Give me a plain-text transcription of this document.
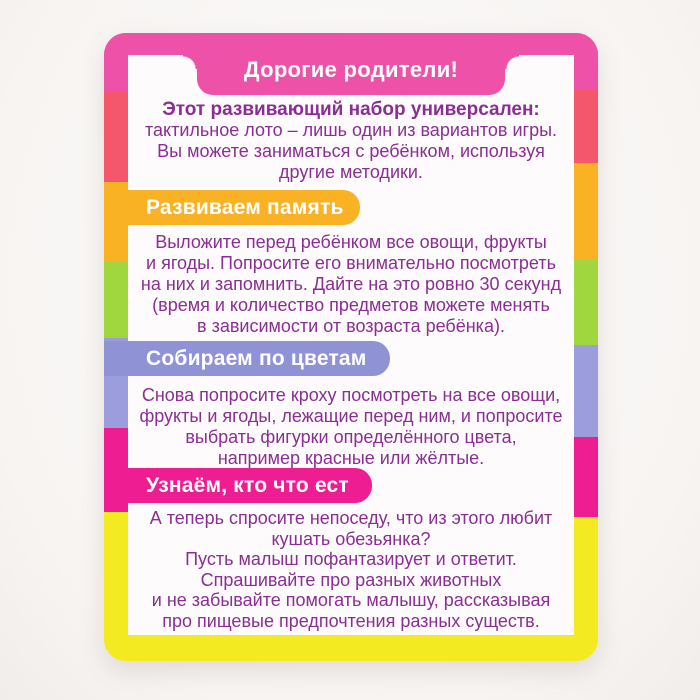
Дорогие родители!
Этот развивающий набор универсален:
тактильное лото – лишь один из вариантов игры.
Вы можете заниматься с ребёнком, используя
другие методики.
Развиваем память
Выложите перед ребёнком все овощи, фрукты
и ягоды. Попросите его внимательно посмотреть
на них и запомнить. Дайте на это ровно 30 секунд
(время и количество предметов можете менять
в зависимости от возраста ребёнка).
Собираем по цветам
Снова попросите кроху посмотреть на все овощи,
фрукты и ягоды, лежащие перед ним, и попросите
выбрать фигурки определённого цвета,
например красные или жёлтые.
Узнаём, кто что ест
А теперь спросите непоседу, что из этого любит
кушать обезьянка?
Пусть малыш пофантазирует и ответит.
Спрашивайте про разных животных
и не забывайте помогать малышу, рассказывая
про пищевые предпочтения разных существ.
